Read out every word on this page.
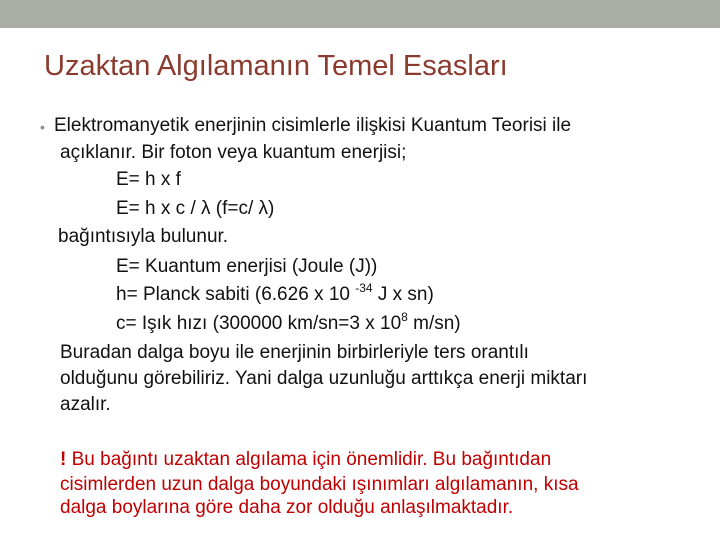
Uzaktan Algılamanın Temel Esasları
• Elektromanyetik enerjinin cisimlerle ilişkisi Kuantum Teorisi ile
açıklanır. Bir foton veya kuantum enerjisi;
E= h x f
E= h x c / λ (f=c/ λ)
bağıntısıyla bulunur.
E= Kuantum enerjisi (Joule (J))
h= Planck sabiti (6.626 x 10 $^{-34}$ J x sn)
c= Işık hızı (300000 km/sn=3 x $10^8$ m/sn)
Buradan dalga boyu ile enerjinin birbirleriyle ters orantılı
olduğunu görebiliriz. Yani dalga uzunluğu arttıkça enerji miktarı
azalır.
! Bu bağıntı uzaktan algılama için önemlidir. Bu bağıntıdan
cisimlerden uzun dalga boyundaki ışınımları algılamanın, kısa
dalga boylarına göre daha zor olduğu anlaşılmaktadır.
